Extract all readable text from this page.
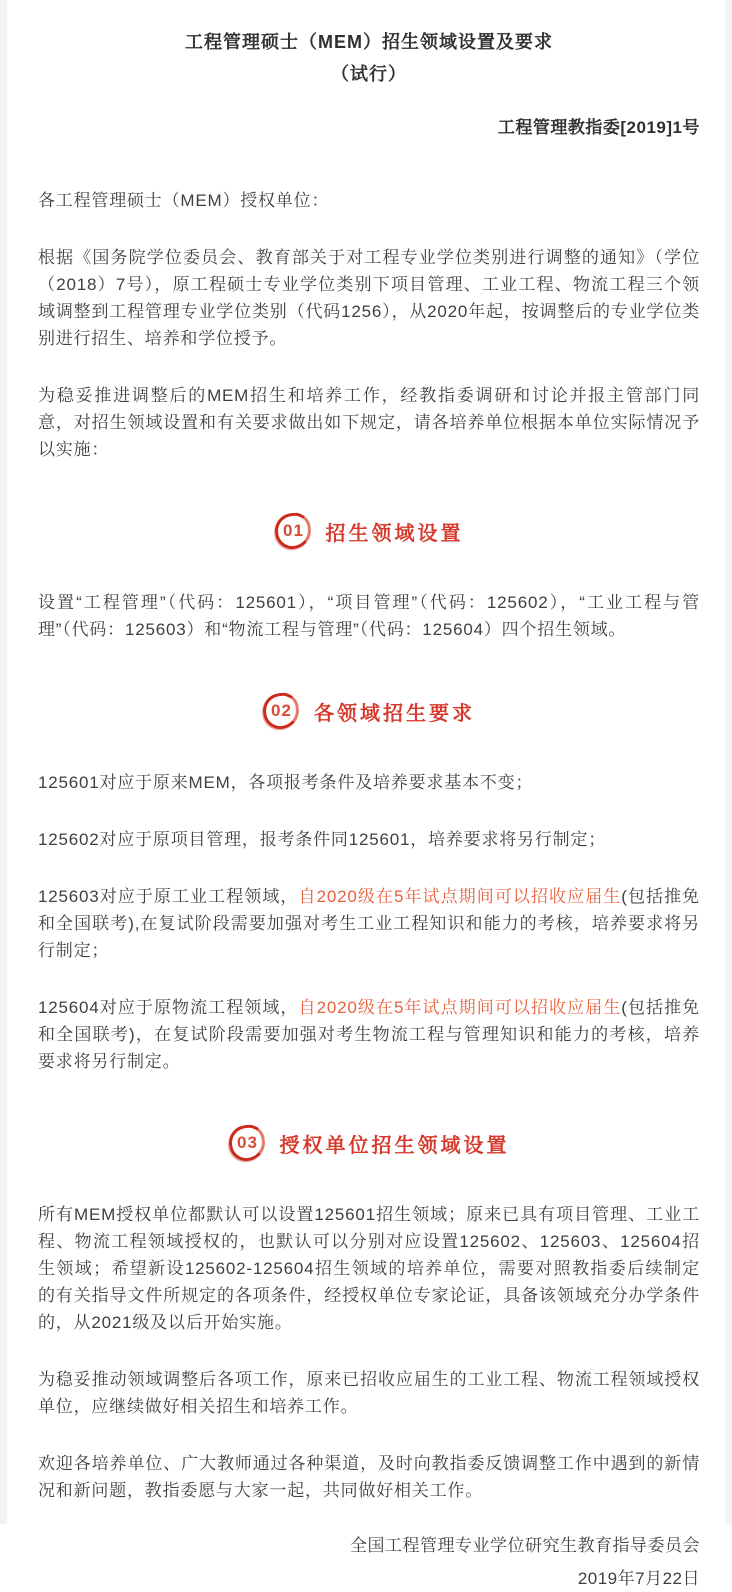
工程管理硕士（MEM）招生领域设置及要求
（试行）
工程管理教指委[2019]1号

各工程管理硕士（MEM）授权单位：

根据《国务院学位委员会、教育部关于对工程专业学位类别进行调整的通知》（学位（2018）7号），原工程硕士专业学位类别下项目管理、工业工程、物流工程三个领域调整到工程管理专业学位类别（代码1256），从2020年起，按调整后的专业学位类别进行招生、培养和学位授予。

为稳妥推进调整后的MEM招生和培养工作，经教指委调研和讨论并报主管部门同意，对招生领域设置和有关要求做出如下规定，请各培养单位根据本单位实际情况予以实施：

01 招生领域设置

设置“工程管理”（代码：125601），“项目管理”（代码：125602），“工业工程与管理”（代码：125603）和“物流工程与管理”（代码：125604）四个招生领域。

02 各领域招生要求

125601对应于原来MEM，各项报考条件及培养要求基本不变；

125602对应于原项目管理，报考条件同125601，培养要求将另行制定；

125603对应于原工业工程领域，自2020级在5年试点期间可以招收应届生(包括推免和全国联考),在复试阶段需要加强对考生工业工程知识和能力的考核，培养要求将另行制定；

125604对应于原物流工程领域，自2020级在5年试点期间可以招收应届生(包括推免和全国联考)，在复试阶段需要加强对考生物流工程与管理知识和能力的考核，培养要求将另行制定。

03 授权单位招生领域设置

所有MEM授权单位都默认可以设置125601招生领域；原来已具有项目管理、工业工程、物流工程领域授权的，也默认可以分别对应设置125602、125603、125604招生领域；希望新设125602-125604招生领域的培养单位，需要对照教指委后续制定的有关指导文件所规定的各项条件，经授权单位专家论证，具备该领域充分办学条件的，从2021级及以后开始实施。

为稳妥推动领域调整后各项工作，原来已招收应届生的工业工程、物流工程领域授权单位，应继续做好相关招生和培养工作。

欢迎各培养单位、广大教师通过各种渠道，及时向教指委反馈调整工作中遇到的新情况和新问题，教指委愿与大家一起，共同做好相关工作。

全国工程管理专业学位研究生教育指导委员会
2019年7月22日
